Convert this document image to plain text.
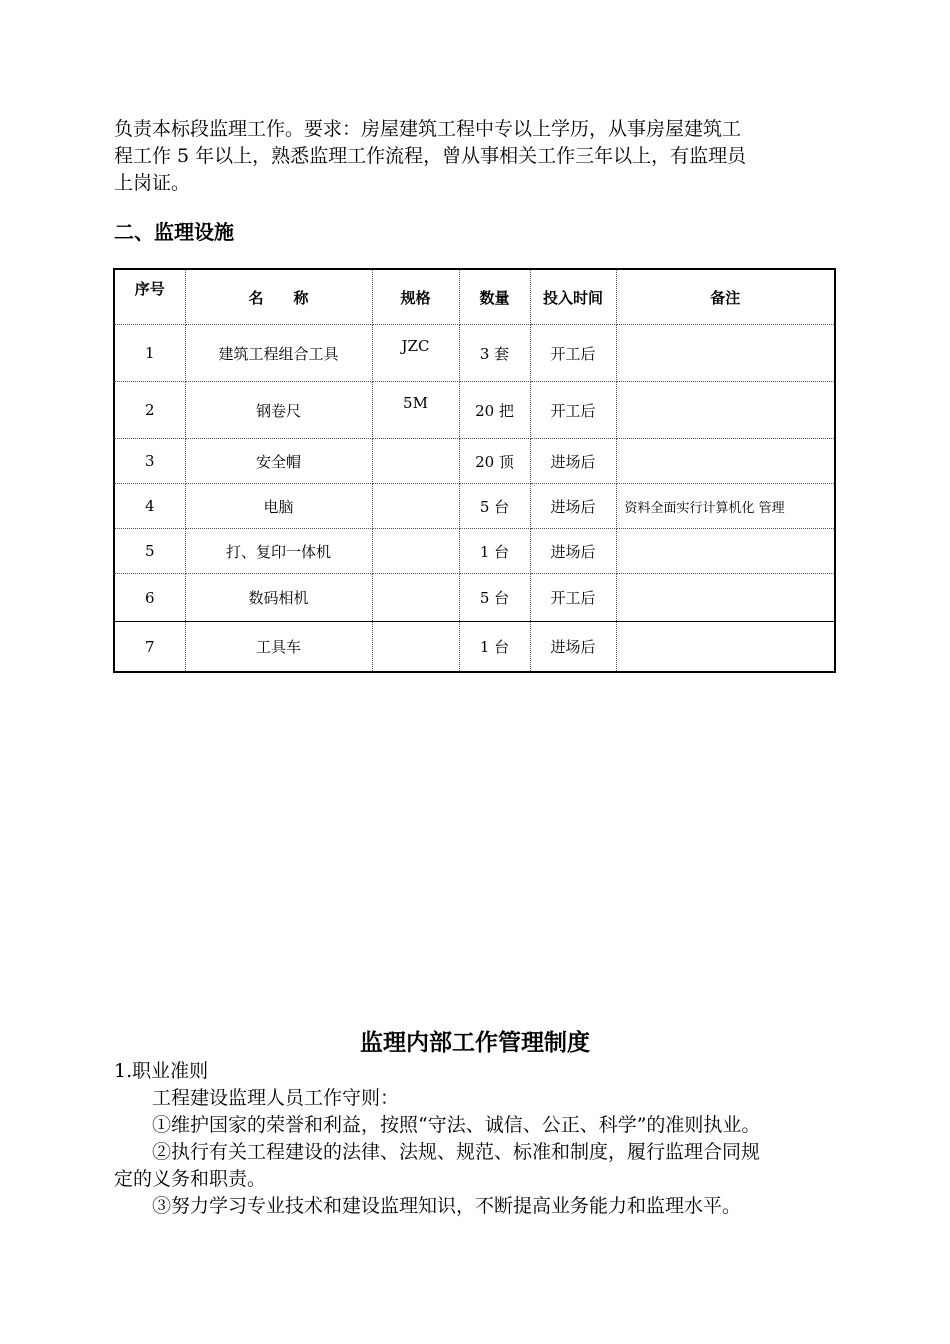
负责本标段监理工作。要求：房屋建筑工程中专以上学历，从事房屋建筑工
程工作 5 年以上，熟悉监理工作流程，曾从事相关工作三年以上，有监理员
上岗证。
二、监理设施
序号	名　　称	规格	数量	投入时间	备注
1	建筑工程组合工具	JZC	3 套	开工后	
2	钢卷尺	5M	20 把	开工后	
3	安全帽		20 顶	进场后	
4	电脑		5 台	进场后	资料全面实行计算机化 管理
5	打、复印一体机		1 台	进场后	
6	数码相机		5 台	开工后	
7	工具车		1 台	进场后	
监理内部工作管理制度

1.职业准则

工程建设监理人员工作守则：

①维护国家的荣誉和利益，按照“守法、诚信、公正、科学”的准则执业。

②执行有关工程建设的法律、法规、规范、标准和制度，履行监理合同规

定的义务和职责。

③努力学习专业技术和建设监理知识，不断提高业务能力和监理水平。
